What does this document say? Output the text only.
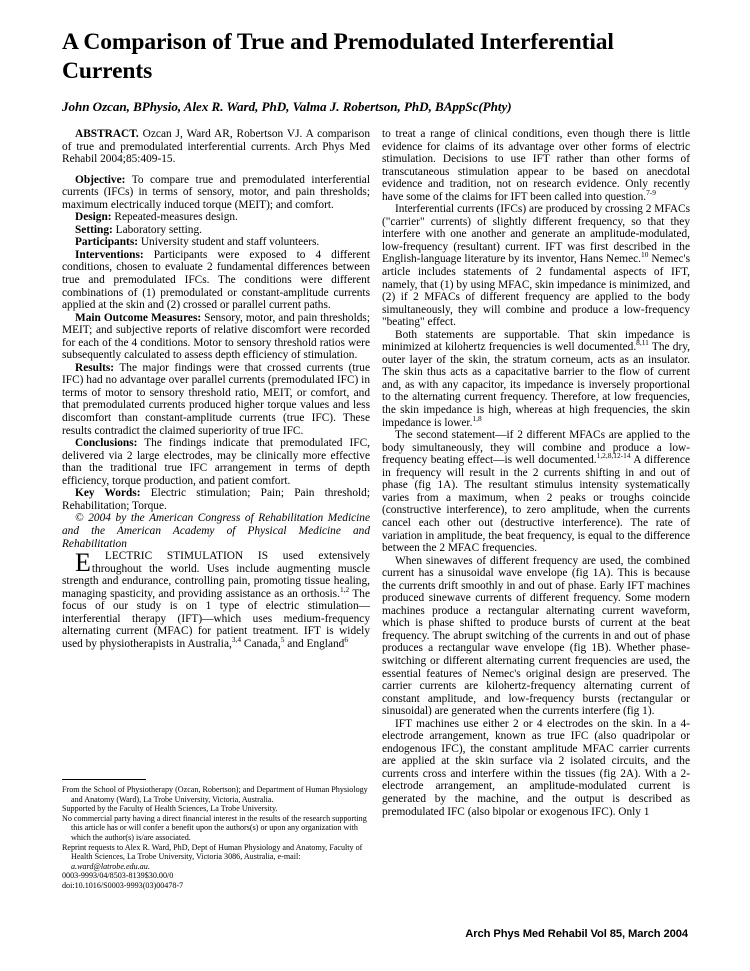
A Comparison of True and Premodulated Interferential Currents
John Ozcan, BPhysio, Alex R. Ward, PhD, Valma J. Robertson, PhD, BAppSc(Phty)

ABSTRACT. Ozcan J, Ward AR, Robertson VJ. A comparison of true and premodulated interferential currents. Arch Phys Med Rehabil 2004;85:409-15.

Objective: To compare true and premodulated interferential currents (IFCs) in terms of sensory, motor, and pain thresholds; maximum electrically induced torque (MEIT); and comfort.

Design: Repeated-measures design.

Setting: Laboratory setting.

Participants: University student and staff volunteers.

Interventions: Participants were exposed to 4 different conditions, chosen to evaluate 2 fundamental differences between true and premodulated IFCs. The conditions were different combinations of (1) premodulated or constant-amplitude currents applied at the skin and (2) crossed or parallel current paths.

Main Outcome Measures: Sensory, motor, and pain thresholds; MEIT; and subjective reports of relative discomfort were recorded for each of the 4 conditions. Motor to sensory threshold ratios were subsequently calculated to assess depth efficiency of stimulation.

Results: The major findings were that crossed currents (true IFC) had no advantage over parallel currents (premodulated IFC) in terms of motor to sensory threshold ratio, MEIT, or comfort, and that premodulated currents produced higher torque values and less discomfort than constant-amplitude currents (true IFC). These results contradict the claimed superiority of true IFC.

Conclusions: The findings indicate that premodulated IFC, delivered via 2 large electrodes, may be clinically more effective than the traditional true IFC arrangement in terms of depth efficiency, torque production, and patient comfort.

Key Words: Electric stimulation; Pain; Pain threshold; Rehabilitation; Torque.

© 2004 by the American Congress of Rehabilitation Medicine and the American Academy of Physical Medicine and Rehabilitation

E LECTRIC STIMULATION IS used extensively throughout the world. Uses include augmenting muscle strength and endurance, controlling pain, promoting tissue healing, managing spasticity, and providing assistance as an orthosis.$^{1,2}$ The focus of our study is on 1 type of electric stimulation—interferential therapy (IFT)—which uses medium-frequency alternating current (MFAC) for patient treatment. IFT is widely used by physiotherapists in Australia,$^{3,4}$ Canada,$^5$ and England$^6$

to treat a range of clinical conditions, even though there is little evidence for claims of its advantage over other forms of electric stimulation. Decisions to use IFT rather than other forms of transcutaneous stimulation appear to be based on anecdotal evidence and tradition, not on research evidence. Only recently have some of the claims for IFT been called into question.$^{7-9}$

Interferential currents (IFCs) are produced by crossing 2 MFACs ("carrier" currents) of slightly different frequency, so that they interfere with one another and generate an amplitude-modulated, low-frequency (resultant) current. IFT was first described in the English-language literature by its inventor, Hans Nemec.$^{10}$ Nemec's article includes statements of 2 fundamental aspects of IFT, namely, that (1) by using MFAC, skin impedance is minimized, and (2) if 2 MFACs of different frequency are applied to the body simultaneously, they will combine and produce a low-frequency "beating" effect.

Both statements are supportable. That skin impedance is minimized at kilohertz frequencies is well documented.$^{8,11}$ The dry, outer layer of the skin, the stratum corneum, acts as an insulator. The skin thus acts as a capacitative barrier to the flow of current and, as with any capacitor, its impedance is inversely proportional to the alternating current frequency. Therefore, at low frequencies, the skin impedance is high, whereas at high frequencies, the skin impedance is lower.$^{1,8}$

The second statement—if 2 different MFACs are applied to the body simultaneously, they will combine and produce a low-frequency beating effect—is well documented.$^{1,2,8,12-14}$ A difference in frequency will result in the 2 currents shifting in and out of phase (fig 1A). The resultant stimulus intensity systematically varies from a maximum, when 2 peaks or troughs coincide (constructive interference), to zero amplitude, when the currents cancel each other out (destructive interference). The rate of variation in amplitude, the beat frequency, is equal to the difference between the 2 MFAC frequencies.

When sinewaves of different frequency are used, the combined current has a sinusoidal wave envelope (fig 1A). This is because the currents drift smoothly in and out of phase. Early IFT machines produced sinewave currents of different frequency. Some modern machines produce a rectangular alternating current waveform, which is phase shifted to produce bursts of current at the beat frequency. The abrupt switching of the currents in and out of phase produces a rectangular wave envelope (fig 1B). Whether phase-switching or different alternating current frequencies are used, the essential features of Nemec's original design are preserved. The carrier currents are kilohertz-frequency alternating current of constant amplitude, and low-frequency bursts (rectangular or sinusoidal) are generated when the currents interfere (fig 1).

IFT machines use either 2 or 4 electrodes on the skin. In a 4-electrode arrangement, known as true IFC (also quadripolar or endogenous IFC), the constant amplitude MFAC carrier currents are applied at the skin surface via 2 isolated circuits, and the currents cross and interfere within the tissues (fig 2A). With a 2-electrode arrangement, an amplitude-modulated current is generated by the machine, and the output is described as premodulated IFC (also bipolar or exogenous IFC). Only 1

From the School of Physiotherapy (Ozcan, Robertson); and Department of Human Physiology and Anatomy (Ward), La Trobe University, Victoria, Australia.

Supported by the Faculty of Health Sciences, La Trobe University.

No commercial party having a direct financial interest in the results of the research supporting this article has or will confer a benefit upon the authors(s) or upon any organization with which the author(s) is/are associated.

Reprint requests to Alex R. Ward, PhD, Dept of Human Physiology and Anatomy, Faculty of Health Sciences, La Trobe University, Victoria 3086, Australia, e-mail: a.ward@latrobe.edu.au.

0003-9993/04/8503-8139$30.00/0

doi:10.1016/S0003-9993(03)00478-7

Arch Phys Med Rehabil Vol 85, March 2004
